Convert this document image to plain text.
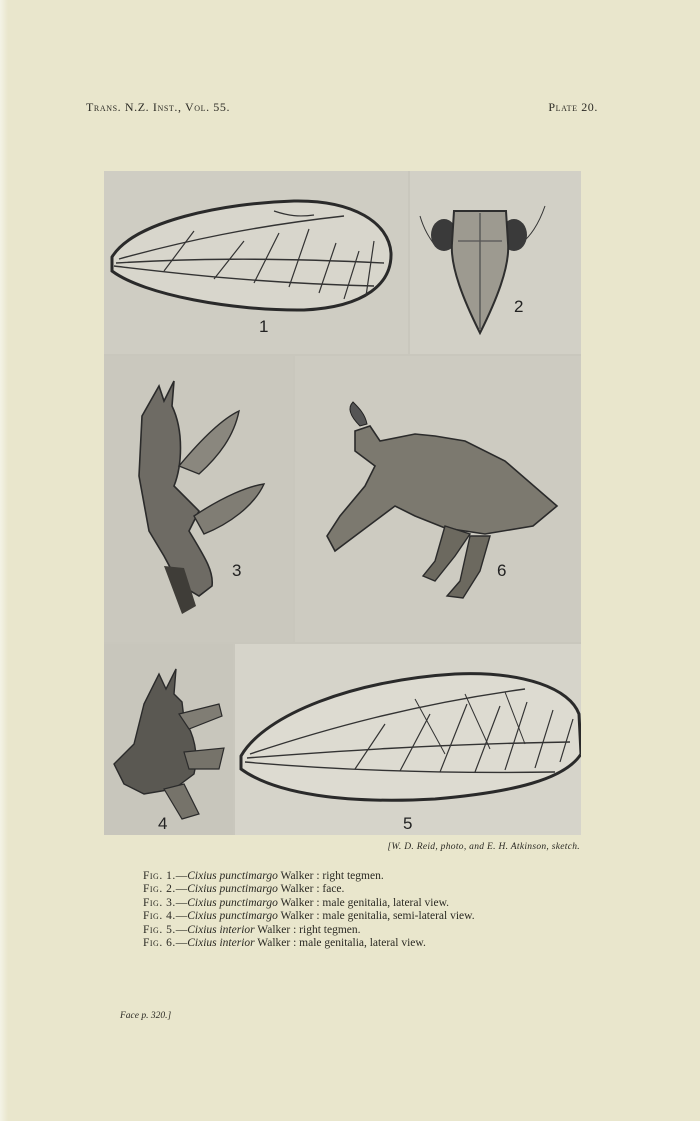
Trans. N.Z. Inst., Vol. 55.	Plate 20.
1
2
3	6
4	5
[W. D. Reid, photo, and E. H. Atkinson, sketch.
Fig. 1.—Cixius punctimargo Walker : right tegmen.
Fig. 2.—Cixius punctimargo Walker : face.
Fig. 3.—Cixius punctimargo Walker : male genitalia, lateral view.
Fig. 4.—Cixius punctimargo Walker : male genitalia, semi-lateral view.
Fig. 5.—Cixius interior Walker : right tegmen.
Fig. 6.—Cixius interior Walker : male genitalia, lateral view.
Face p. 320.]
